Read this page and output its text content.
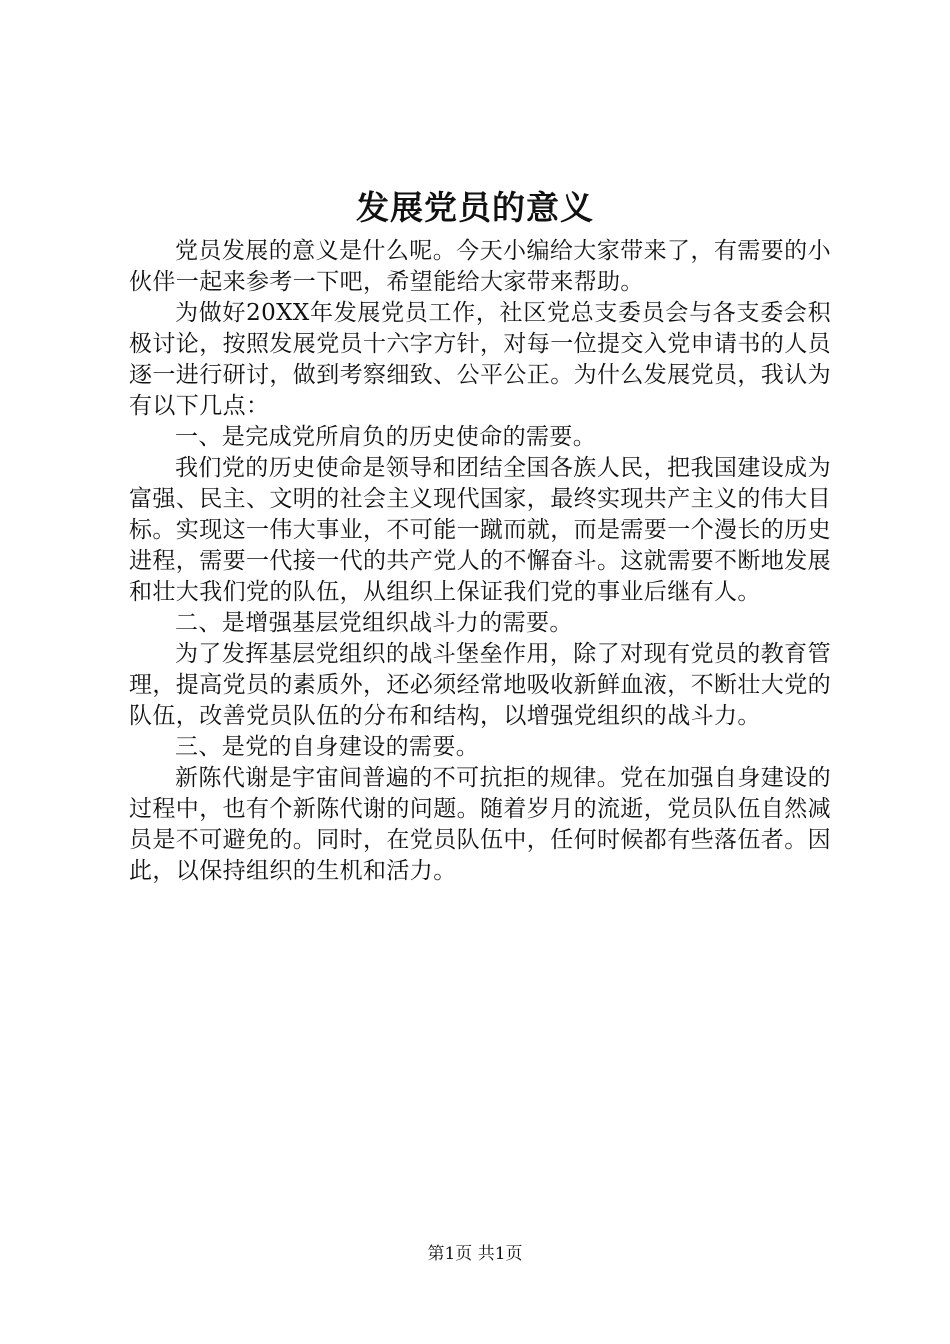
发展党员的意义

党员发展的意义是什么呢。今天小编给大家带来了，有需要的小伙伴一起来参考一下吧，希望能给大家带来帮助。

为做好20XX年发展党员工作，社区党总支委员会与各支委会积极讨论，按照发展党员十六字方针，对每一位提交入党申请书的人员逐一进行研讨，做到考察细致、公平公正。为什么发展党员，我认为有以下几点：

一、是完成党所肩负的历史使命的需要。

我们党的历史使命是领导和团结全国各族人民，把我国建设成为富强、民主、文明的社会主义现代国家，最终实现共产主义的伟大目标。实现这一伟大事业，不可能一蹴而就，而是需要一个漫长的历史进程，需要一代接一代的共产党人的不懈奋斗。这就需要不断地发展和壮大我们党的队伍，从组织上保证我们党的事业后继有人。

二、是增强基层党组织战斗力的需要。

为了发挥基层党组织的战斗堡垒作用，除了对现有党员的教育管理，提高党员的素质外，还必须经常地吸收新鲜血液，不断壮大党的队伍，改善党员队伍的分布和结构，以增强党组织的战斗力。

三、是党的自身建设的需要。

新陈代谢是宇宙间普遍的不可抗拒的规律。党在加强自身建设的过程中，也有个新陈代谢的问题。随着岁月的流逝，党员队伍自然减员是不可避免的。同时，在党员队伍中，任何时候都有些落伍者。因此，以保持组织的生机和活力。

第1页 共1页
